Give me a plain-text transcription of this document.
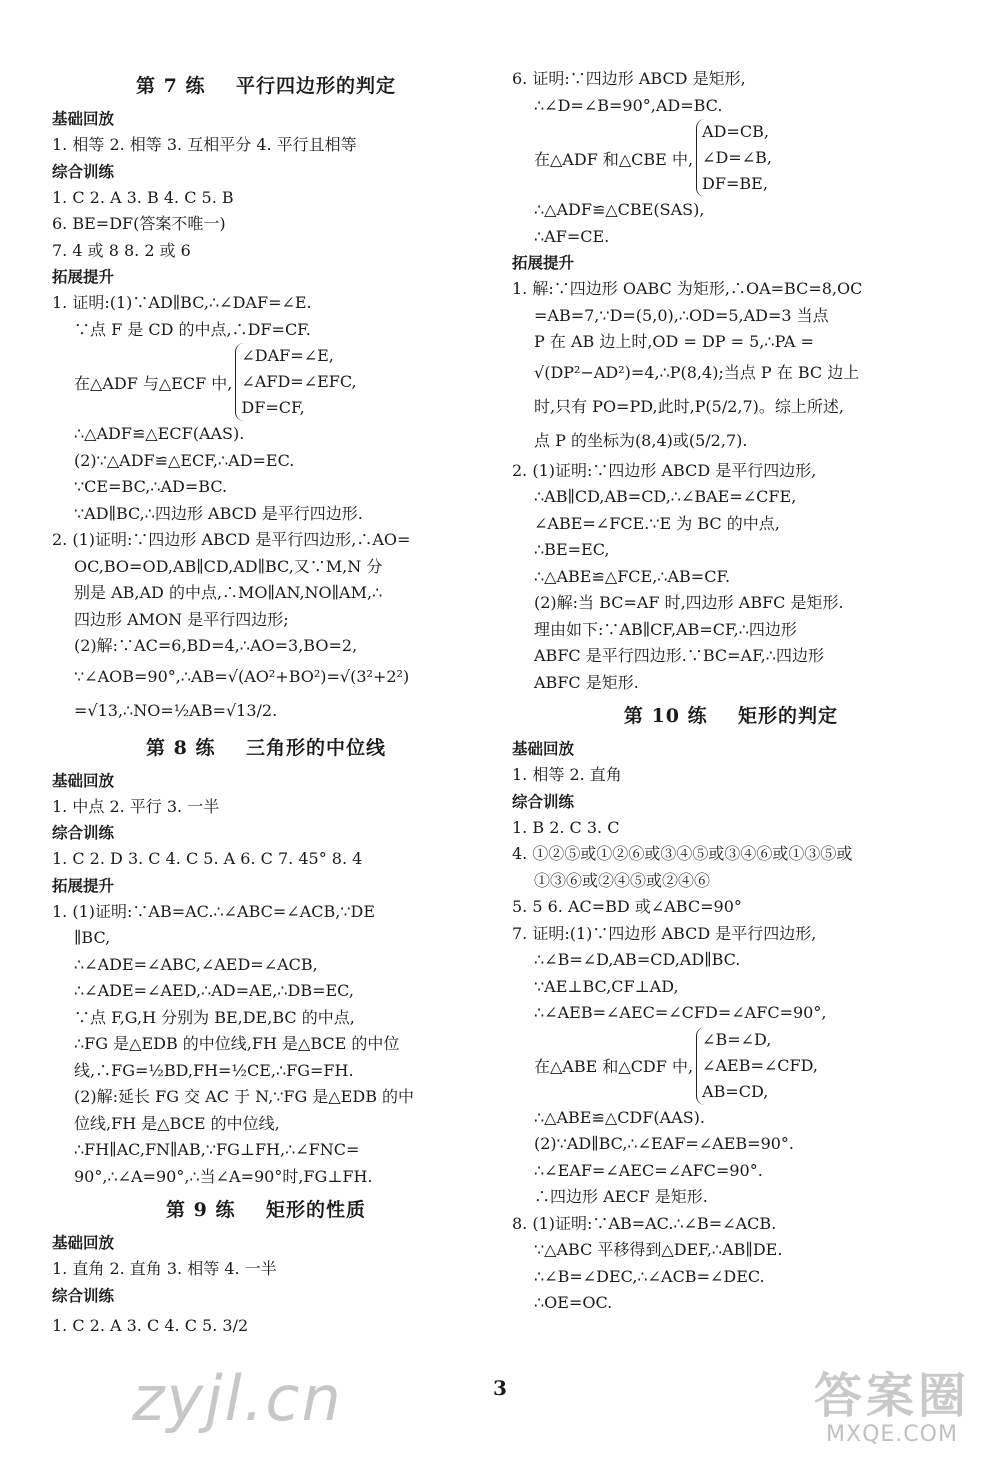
第 7 练    平行四边形的判定
基础回放
1. 相等 2. 相等 3. 互相平分 4. 平行且相等
综合训练
1. C 2. A 3. B 4. C 5. B
6. BE=DF(答案不唯一)
7. 4 或 8 8. 2 或 6
拓展提升
1. 证明:(1)∵AD∥BC,∴∠DAF=∠E.
∵点 F 是 CD 的中点,∴DF=CF.
在△ADF 与△ECF 中,
∠DAF=∠E,
∠AFD=∠EFC,
DF=CF,
∴△ADF≌△ECF(AAS).
(2)∵△ADF≌△ECF,∴AD=EC.
∵CE=BC,∴AD=BC.
∵AD∥BC,∴四边形 ABCD 是平行四边形.
2. (1)证明:∵四边形 ABCD 是平行四边形,∴AO=
OC,BO=OD,AB∥CD,AD∥BC,又∵M,N 分
别是 AB,AD 的中点,∴MO∥AN,NO∥AM,∴
四边形 AMON 是平行四边形;
(2)解:∵AC=6,BD=4,∴AO=3,BO=2,
∵∠AOB=90°,∴AB=√(AO²+BO²)=√(3²+2²)
=√13,∴NO=½AB=√13/2.
第 8 练    三角形的中位线
基础回放
1. 中点 2. 平行 3. 一半
综合训练
1. C 2. D 3. C 4. C 5. A 6. C 7. 45° 8. 4
拓展提升
1. (1)证明:∵AB=AC.∴∠ABC=∠ACB,∵DE
∥BC,
∴∠ADE=∠ABC,∠AED=∠ACB,
∴∠ADE=∠AED,∴AD=AE,∴DB=EC,
∵点 F,G,H 分别为 BE,DE,BC 的中点,
∴FG 是△EDB 的中位线,FH 是△BCE 的中位
线,∴FG=½BD,FH=½CE,∴FG=FH.
(2)解:延长 FG 交 AC 于 N,∵FG 是△EDB 的中
位线,FH 是△BCE 的中位线,
∴FH∥AC,FN∥AB,∵FG⊥FH,∴∠FNC=
90°,∴∠A=90°,∴当∠A=90°时,FG⊥FH.
第 9 练    矩形的性质
基础回放
1. 直角 2. 直角 3. 相等 4. 一半
综合训练
1. C 2. A 3. C 4. C 5. 3/2
6. 证明:∵四边形 ABCD 是矩形,
∴∠D=∠B=90°,AD=BC.
在△ADF 和△CBE 中,
AD=CB,
∠D=∠B,
DF=BE,
∴△ADF≌△CBE(SAS),
∴AF=CE.
拓展提升
1. 解:∵四边形 OABC 为矩形,∴OA=BC=8,OC
=AB=7,∵D=(5,0),∴OD=5,AD=3 当点
P 在 AB 边上时,OD = DP = 5,∴PA =
√(DP²−AD²)=4,∴P(8,4);当点 P 在 BC 边上
时,只有 PO=PD,此时,P(5/2,7)。综上所述,
点 P 的坐标为(8,4)或(5/2,7).
2. (1)证明:∵四边形 ABCD 是平行四边形,
∴AB∥CD,AB=CD,∴∠BAE=∠CFE,
∠ABE=∠FCE.∵E 为 BC 的中点,
∴BE=EC,
∴△ABE≌△FCE,∴AB=CF.
(2)解:当 BC=AF 时,四边形 ABFC 是矩形.
理由如下:∵AB∥CF,AB=CF,∴四边形
ABFC 是平行四边形.∵BC=AF,∴四边形
ABFC 是矩形.
第 10 练    矩形的判定
基础回放
1. 相等 2. 直角
综合训练
1. B 2. C 3. C
4. ①②⑤或①②⑥或③④⑤或③④⑥或①③⑤或
①③⑥或②④⑤或②④⑥
5. 5 6. AC=BD 或∠ABC=90°
7. 证明:(1)∵四边形 ABCD 是平行四边形,
∴∠B=∠D,AB=CD,AD∥BC.
∵AE⊥BC,CF⊥AD,
∴∠AEB=∠AEC=∠CFD=∠AFC=90°,
在△ABE 和△CDF 中,
∠B=∠D,
∠AEB=∠CFD,
AB=CD,
∴△ABE≌△CDF(AAS).
(2)∵AD∥BC,∴∠EAF=∠AEB=90°.
∴∠EAF=∠AEC=∠AFC=90°.
∴四边形 AECF 是矩形.
8. (1)证明:∵AB=AC.∴∠B=∠ACB.
∵△ABC 平移得到△DEF,∴AB∥DE.
∴∠B=∠DEC,∴∠ACB=∠DEC.
∴OE=OC.
3
zyjl.cn	答案圈
MXQE.COM
